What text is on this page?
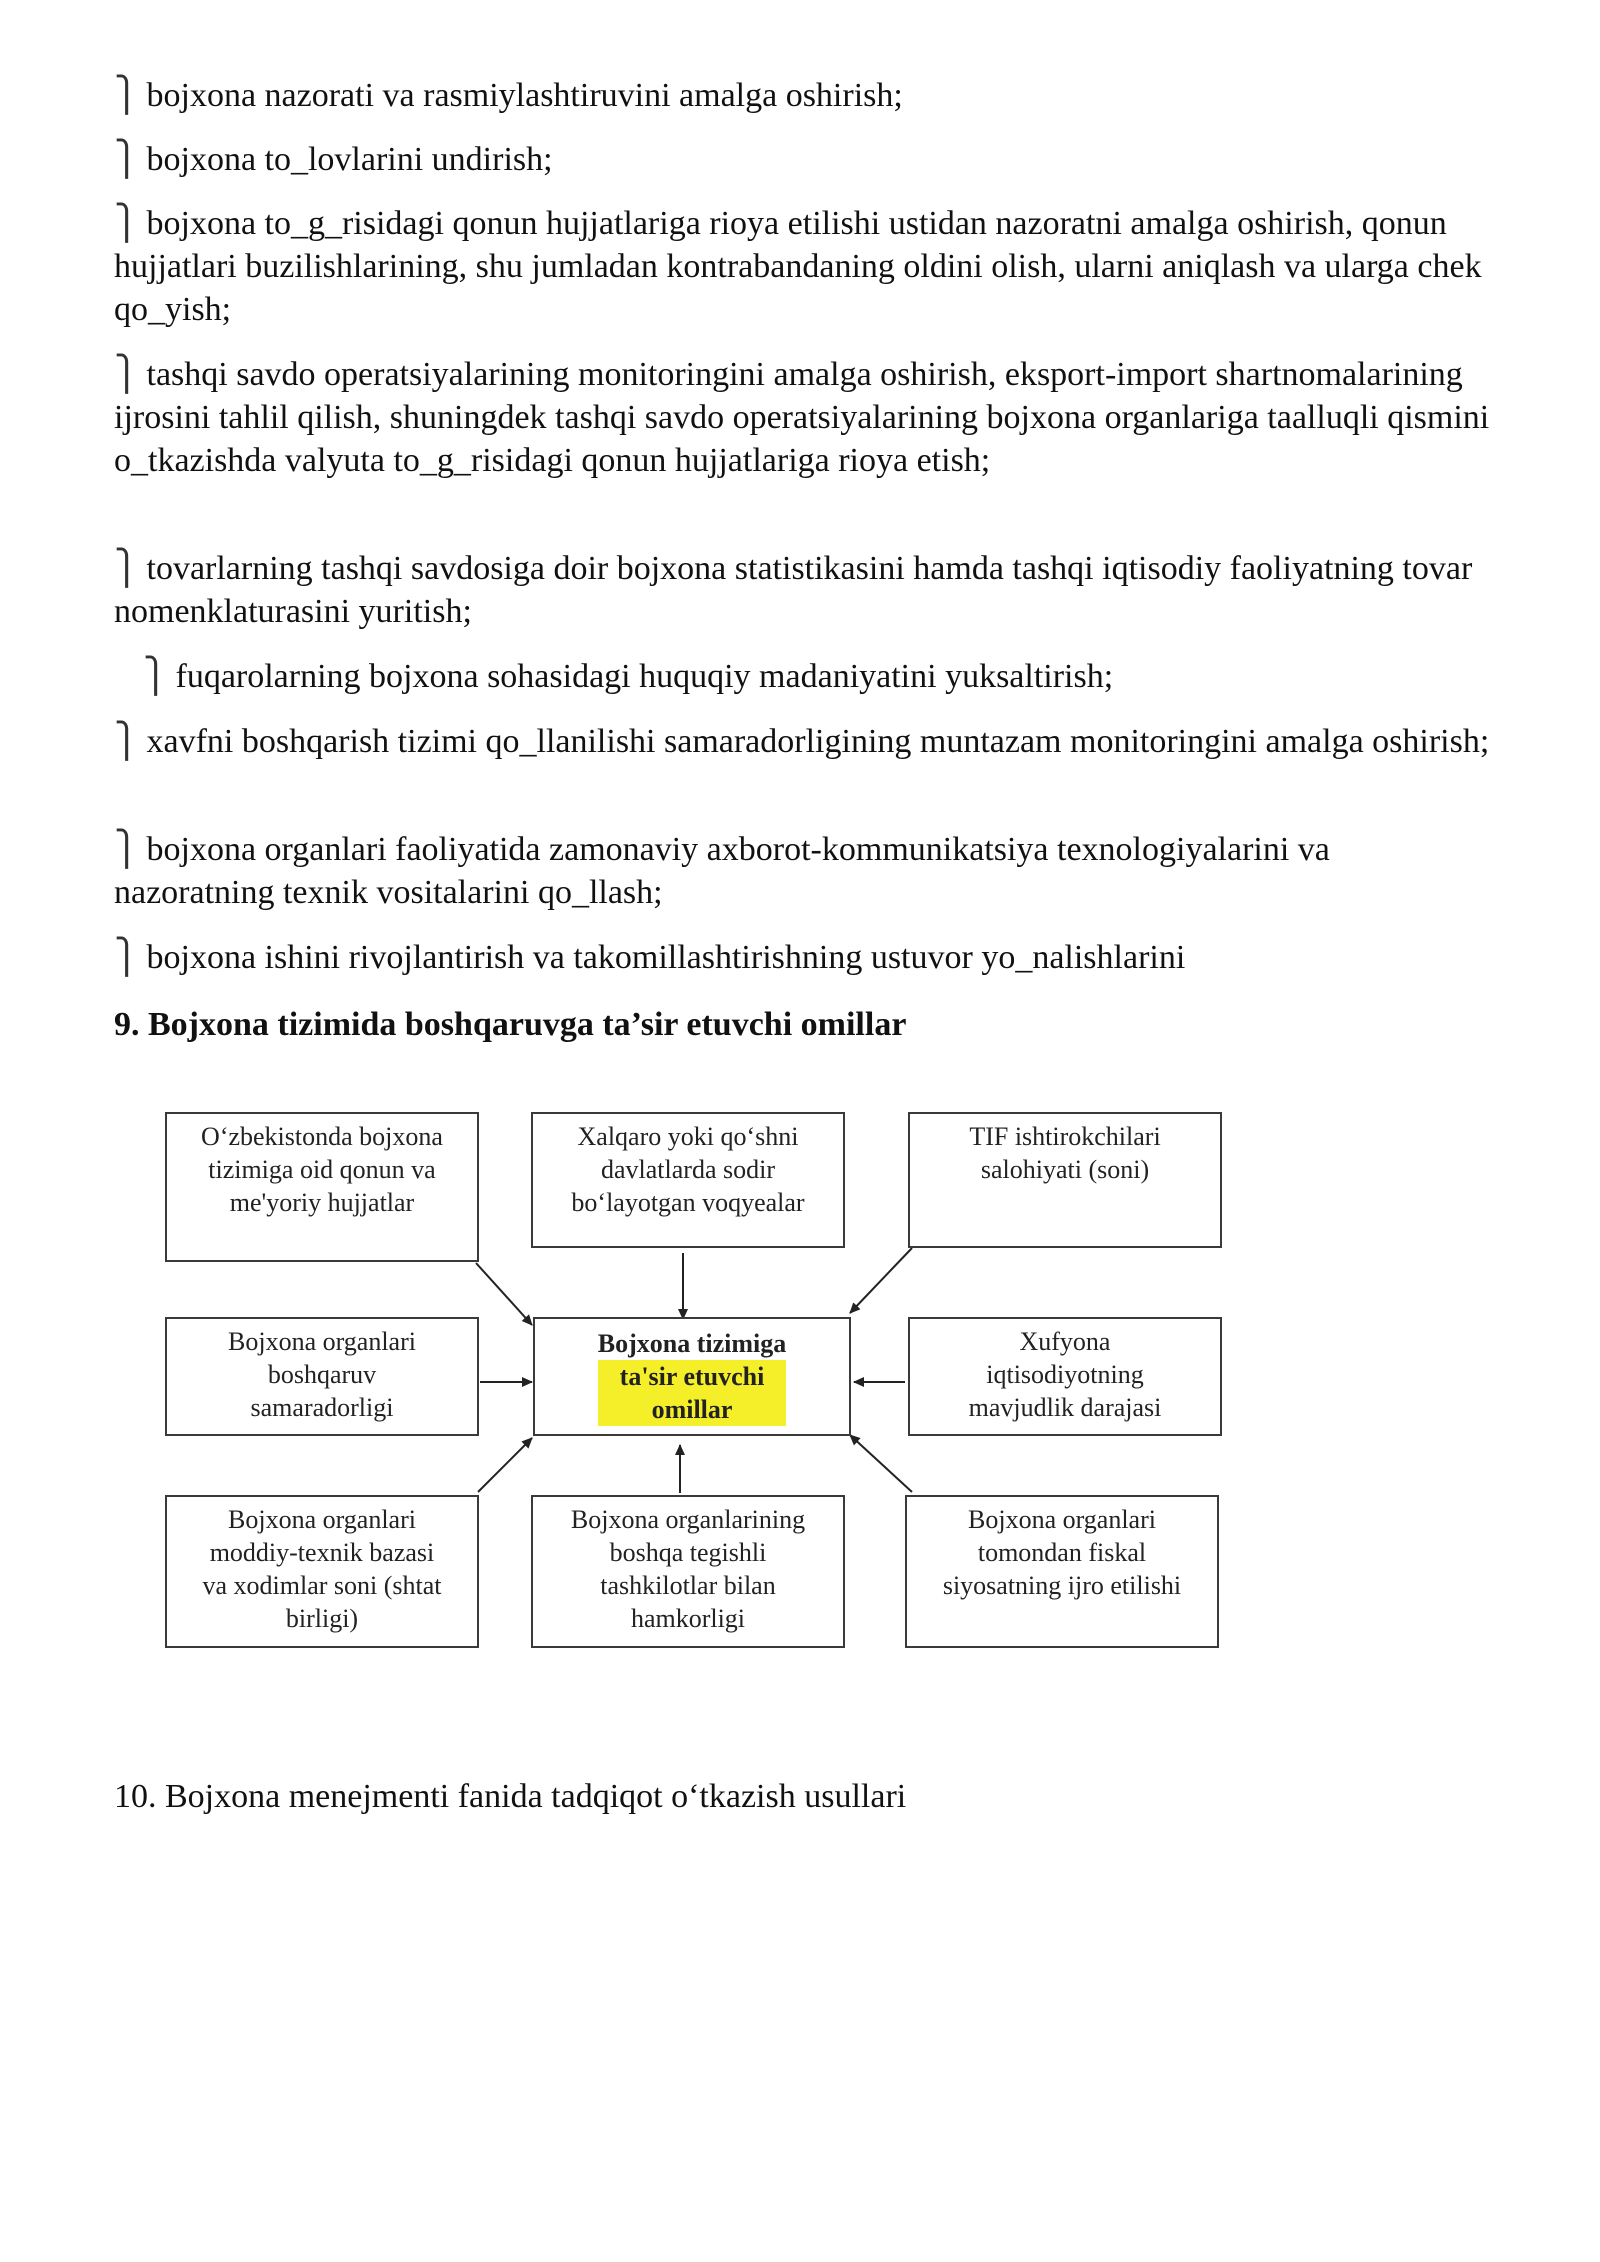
⎫ bojxona nazorati va rasmiylashtiruvini amalga oshirish;

⎫ bojxona to_lovlarini undirish;

⎫ bojxona to_g_risidagi qonun hujjatlariga rioya etilishi ustidan nazoratni amalga oshirish, qonun hujjatlari buzilishlarining, shu jumladan kontrabandaning oldini olish, ularni aniqlash va ularga chek qo_yish;

⎫ tashqi savdo operatsiyalarining monitoringini amalga oshirish, eksport-import shartnomalarining ijrosini tahlil qilish, shuningdek tashqi savdo operatsiyalarining bojxona organlariga taalluqli qismini o_tkazishda valyuta to_g_risidagi qonun hujjatlariga rioya etish;

⎫ tovarlarning tashqi savdosiga doir bojxona statistikasini hamda tashqi iqtisodiy faoliyatning tovar nomenklaturasini yuritish;

⎫ fuqarolarning bojxona sohasidagi huquqiy madaniyatini yuksaltirish;

⎫ xavfni boshqarish tizimi qo_llanilishi samaradorligining muntazam monitoringini amalga oshirish;

⎫ bojxona organlari faoliyatida zamonaviy axborot-kommunikatsiya texnologiyalarini va nazoratning texnik vositalarini qo_llash;

⎫ bojxona ishini rivojlantirish va takomillashtirishning ustuvor yo_nalishlarini

9. Bojxona tizimida boshqaruvga ta’sir etuvchi omillar

O‘zbekistonda bojxona
tizimiga oid qonun va
me'yoriy hujjatlar
Xalqaro yoki qo‘shni
davlatlarda sodir
bo‘layotgan voqyealar
TIF ishtirokchilari
salohiyati (soni)
Bojxona organlari
boshqaruv
samaradorligi
Bojxona tizimiga
ta'sir etuvchi
omillar
Xufyona
iqtisodiyotning
mavjudlik darajasi
Bojxona organlari
moddiy-texnik bazasi
va xodimlar soni (shtat
birligi)
Bojxona organlarining
boshqa tegishli
tashkilotlar bilan
hamkorligi
Bojxona organlari
tomondan fiskal
siyosatning ijro etilishi

10. Bojxona menejmenti fanida tadqiqot o‘tkazish usullari
